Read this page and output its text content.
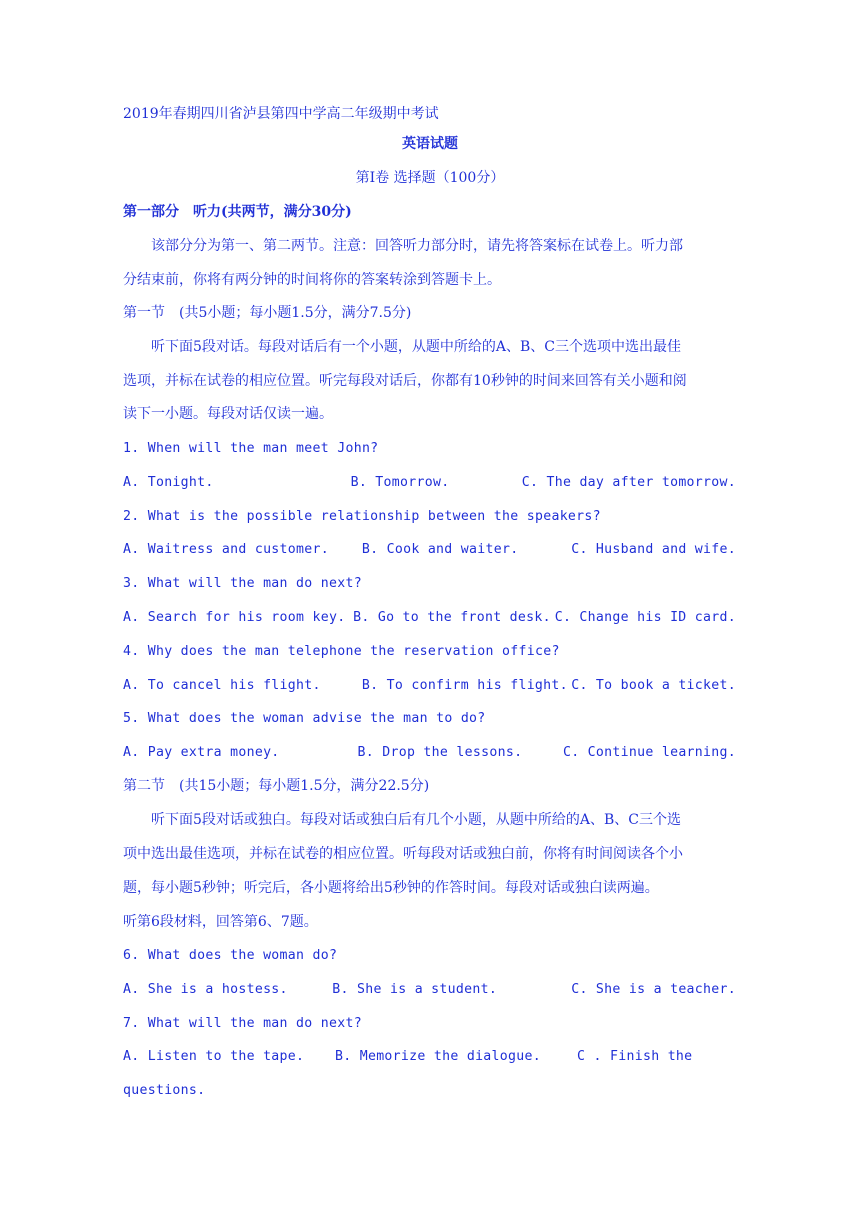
2019年春期四川省泸县第四中学高二年级期中考试
英语试题
第I卷 选择题（100分）
第一部分　听力(共两节，满分30分)
该部分分为第一、第二两节。注意：回答听力部分时，请先将答案标在试卷上。听力部
分结束前，你将有两分钟的时间将你的答案转涂到答题卡上。
第一节　(共5小题；每小题1.5分，满分7.5分)
听下面5段对话。每段对话后有一个小题，从题中所给的A、B、C三个选项中选出最佳
选项，并标在试卷的相应位置。听完每段对话后，你都有10秒钟的时间来回答有关小题和阅
读下一小题。每段对话仅读一遍。
1. When will the man meet John?
A. Tonight.	B. Tomorrow.	C. The day after tomorrow.
2. What is the possible relationship between the speakers?
A. Waitress and customer.	B. Cook and waiter.	C. Husband and wife.
3. What will the man do next?
A. Search for his room key. B. Go to the front desk. C. Change his ID card.
4. Why does the man telephone the reservation office?
A. To cancel his flight.	B. To confirm his flight. C. To book a ticket.
5. What does the woman advise the man to do?
A. Pay extra money.	B. Drop the lessons.	C. Continue learning.
第二节　(共15小题；每小题1.5分，满分22.5分)
听下面5段对话或独白。每段对话或独白后有几个小题，从题中所给的A、B、C三个选
项中选出最佳选项，并标在试卷的相应位置。听每段对话或独白前，你将有时间阅读各个小
题，每小题5秒钟；听完后，各小题将给出5秒钟的作答时间。每段对话或独白读两遍。
听第6段材料，回答第6、7题。
6. What does the woman do?
A. She is a hostess.	B. She is a student.	C. She is a teacher.
7. What will the man do next?
A. Listen to the tape.	B. Memorize the dialogue.	C . Finish the
questions.
